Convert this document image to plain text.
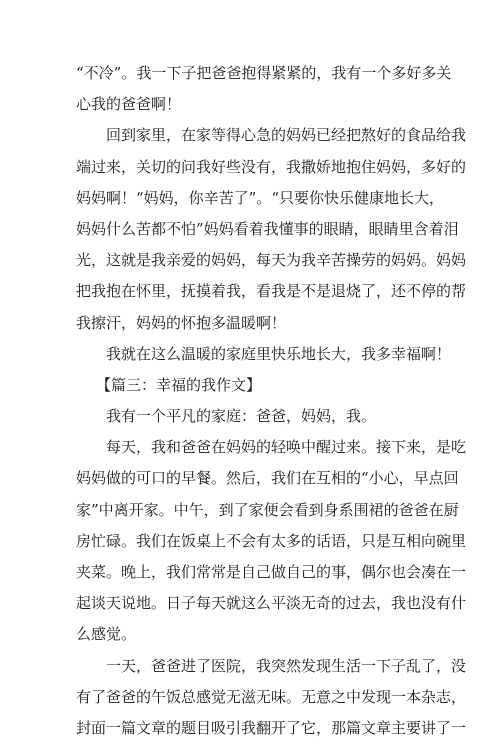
“不冷”。我一下子把爸爸抱得紧紧的，我有一个多好多关
心我的爸爸啊！
回到家里，在家等得心急的妈妈已经把熬好的食品给我
端过来，关切的问我好些没有，我撒娇地抱住妈妈，多好的
妈妈啊！“妈妈，你辛苦了”。“只要你快乐健康地长大，
妈妈什么苦都不怕”妈妈看着我懂事的眼睛，眼睛里含着泪
光，这就是我亲爱的妈妈，每天为我辛苦操劳的妈妈。妈妈
把我抱在怀里，抚摸着我，看我是不是退烧了，还不停的帮
我擦汗，妈妈的怀抱多温暖啊！
我就在这么温暖的家庭里快乐地长大，我多幸福啊！
【篇三：幸福的我作文】
我有一个平凡的家庭：爸爸，妈妈，我。
每天，我和爸爸在妈妈的轻唤中醒过来。接下来，是吃
妈妈做的可口的早餐。然后，我们在互相的“小心，早点回
家”中离开家。中午，到了家便会看到身系围裙的爸爸在厨
房忙碌。我们在饭桌上不会有太多的话语，只是互相向碗里
夹菜。晚上，我们常常是自己做自己的事，偶尔也会凑在一
起谈天说地。日子每天就这么平淡无奇的过去，我也没有什
么感觉。
一天，爸爸进了医院，我突然发现生活一下子乱了，没
有了爸爸的午饭总感觉无滋无味。无意之中发现一本杂志，
封面一篇文章的题目吸引我翻开了它，那篇文章主要讲了一
